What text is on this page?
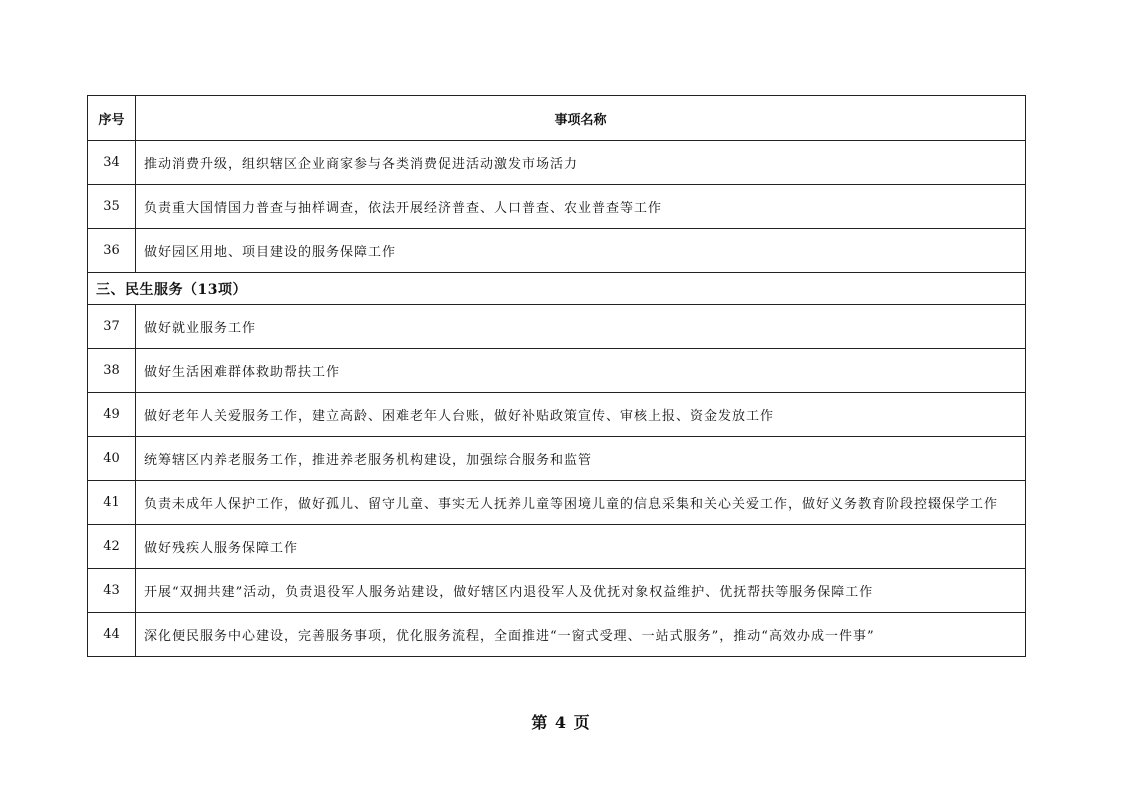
序号	事项名称
34	推动消费升级，组织辖区企业商家参与各类消费促进活动激发市场活力
35	负责重大国情国力普查与抽样调查，依法开展经济普查、人口普查、农业普查等工作
36	做好园区用地、项目建设的服务保障工作
三、民生服务（13项）	
37	做好就业服务工作
38	做好生活困难群体救助帮扶工作
49	做好老年人关爱服务工作，建立高龄、困难老年人台账，做好补贴政策宣传、审核上报、资金发放工作
40	统筹辖区内养老服务工作，推进养老服务机构建设，加强综合服务和监管
41	负责未成年人保护工作，做好孤儿、留守儿童、事实无人抚养儿童等困境儿童的信息采集和关心关爱工作，做好义务教育阶段控辍保学工作
42	做好残疾人服务保障工作
43	开展“双拥共建”活动，负责退役军人服务站建设，做好辖区内退役军人及优抚对象权益维护、优抚帮扶等服务保障工作
44	深化便民服务中心建设，完善服务事项，优化服务流程，全面推进“一窗式受理、一站式服务”，推动“高效办成一件事”
第 4 页
